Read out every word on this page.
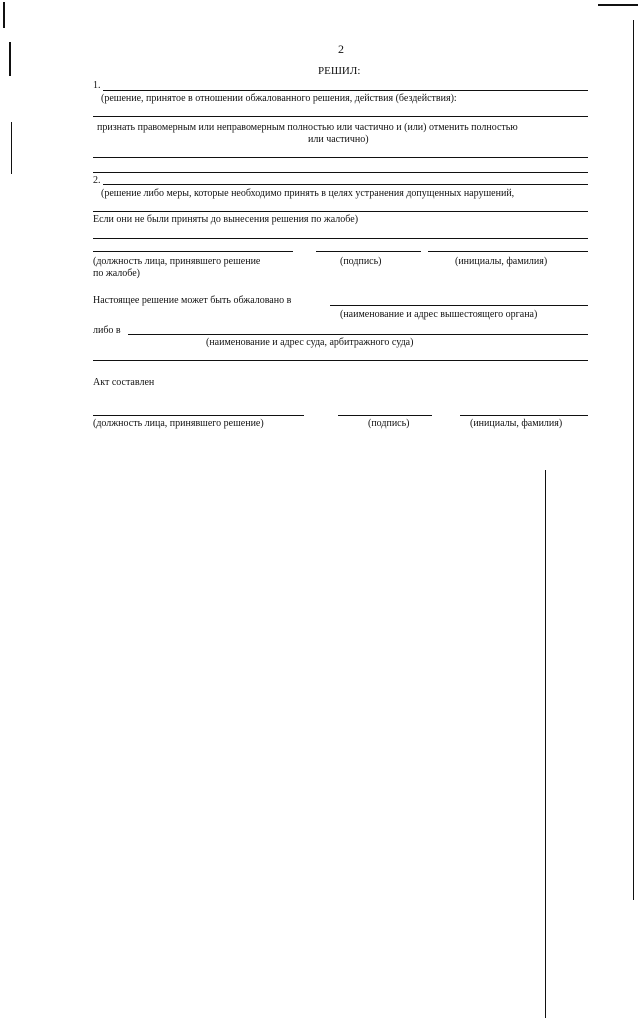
2
РЕШИЛ:
1.
(решение, принятое в отношении обжалованного решения, действия (бездействия):
признать правомерным или неправомерным полностью или частично и (или) отменить полностью
или частично)
2.
(решение либо меры, которые необходимо принять в целях устранения допущенных нарушений,
Если они не были приняты до вынесения решения по жалобе)
(должность лица, принявшего решение
по жалобе)
(подпись)	(инициалы, фамилия)
Настоящее решение может быть обжаловано в
(наименование и адрес вышестоящего органа)
либо в
(наименование и адрес суда, арбитражного суда)
Акт составлен
(должность лица, принявшего решение)	(подпись)	(инициалы, фамилия)
